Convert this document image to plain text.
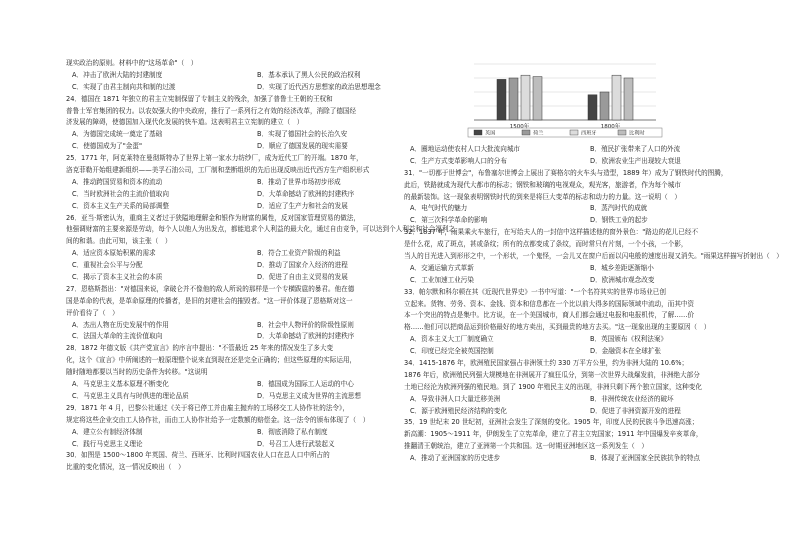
现实政治的原则。材料中的"这场革命"（　）
A．冲击了欧洲大陆的封建制度	B．基本承认了黑人公民的政治权利
C．实现了由君主制向共和制的过渡	D．实现了近代西方思想家的政治思想理念
24．德国在 1871 年独立的君主立宪制保留了专制主义的残余，加强了普鲁士王朝的王权和
普鲁士军官集团的权力。以农奴强大的中央政府，推行了一系列行之有效的经济改革，消除了德国经
济发展的障碍，使德国加入现代化发展的快车道。这表明君主立宪制的建立（　）
A．为德国完成统一奠定了基础	B．实现了德国社会的长治久安
C．使德国成为了"金蛋"	D．顺应了德国发展的现实需要
25．1771 年，阿克莱特在曼彻斯特办了世界上第一家水力纺纱厂，成为近代工厂的开端。1870 年，
洛克菲勒开始组建新组织——美孚石油公司，工厂制和垄断组织的先后出现反映出近代西方生产组织形式
A．推动跨国贸易和资本的流动	B．推动了世界市场初步形成
C．当时欧洲社会的主流价值取向	D．大革命撼动了欧洲的封建秩序
C．资本主义生产关系的局部调整	D．适应了生产力和社会的发展
26．亚当·斯密认为，重商主义者过于狭隘地理解金和银作为财富的属性，反对国家管理贸易的做法，
他强调财富的主要来源是劳动，每个人以他人为出发点，都能追求个人利益的最大化，通过自由竞争，可以达到个人利益和社会福利之
间的和谐。由此可知，该主张（　）
A．适应资本原始积累的需求	B．符合工业资产阶级的利益
C．重视社会公平与分配	D．推动了国家介入经济的进程
C．揭示了资本主义社会的本质	D．促进了自由主义贸易的发展
27．恩格斯指出："对德国来说，拿破仑并不像他的敌人所说的那样是一个专横跋扈的暴君。他在德
国是革命的代表，是革命原理的传播者，是旧的封建社会的摧毁者。"这一评价体现了恩格斯对这一
评价看待了（　）
A．杰出人物在历史发展中的作用	B．社会中人物评价的阶级性原则
C．法国大革命的主流价值取向	D．大革命撼动了欧洲的封建秩序
28．1872 年德文版《共产党宣言》的序言中提出："不管最近 25 年来的情况发生了多大变
化，这个《宣言》中所阐述的一般原理整个说来直到现在还是完全正确的；但这些原理的实际运用，
随时随地都要以当时的历史条件为转移。"这说明
A．马克思主义基本原理不断变化	B．德国成为国际工人运动的中心
C．马克思主义具有与时俱进的理论品质	D．马克思主义成为世界的主流思想
29．1871 年 4 月，巴黎公社通过《关于将已停工并由雇主抛弃的工场移交工人协作社的法令》，
规定将这些企业交由工人协作社，而由工人协作社给予一定数额的赔偿金。这一法令的颁布体现了（　）
A．建立公有制经济体制	B．彻底消除了私有制度
C．践行马克思主义理论	D．号召工人进行武装起义
30．如图是 1500～1800 年英国、荷兰、西班牙、比利时四国农业人口在总人口中所占的
比重的变化情况，这一情况反映出（　）
1500年	1800年
英国	荷兰	西班牙	比利时
A．圈地运动使农村人口大批流向城市	B．殖民扩张带来了人口的外流
C．生产方式变革影响人口的分布	D．欧洲农业生产出现较大衰退
31．"一切都于世博会"，布鲁塞尔世博会上展出了赛格尔的火车头与造型，1889 年）成为了钢铁时代的图腾，
此后，铁路就成为现代大都市的标志；钢铁和玻璃的电视观众，观光客，旅游者，作为每个城市
的最新装饰。这一现象表明钢铁时代的到来是将巨大变革的标志和动力的力量。这一说明（　）
A．电气时代的魅力	B．蒸汽时代的成就
C．第三次科学革命的影响	D．钢铁工业的起步
32．1837 年，雨果乘火车旅行，在写给夫人的一封信中这样描述他的窗外景色："路边的花儿已经不
是什么花，成了斑点，甚或条纹；所有的点都变成了条纹，而时常只有片刻，一个小孩，一个影，
当人的目光进入到形形之中，一个形状，一个鬼怪，一会儿又在窗户后面以闪电般的速度出现又消失。"雨果这样描写折射出（　）
A．交通运输方式革新	B．城乡差距逐渐缩小
C．工业加速工业污染	D．欧洲城市观念改变
33．帕尔默和科尔顿在其《近现代世界史》一书中写道："一个名符其实的世界市场业已创
立起来。货物、劳务、资本、金钱、资本和信息都在一个比以前大得多的国际领域中流动，而其中资
本一个突出的特点是集中。比方说，在一个美国城市，商人们都会通过电报和电报机传，了解……价
格……他们可以把商品运到价格最好的地方卖出，买到最贵的地方去买。"这一现象出现的主要原因（　）
A．资本主义大工厂制度确立	B．英国颁布《权利法案》
C．印度已经完全被英国控制	D．金融资本在全球扩张
34．1415-1876 年，欧洲殖民国家强占非洲领土约 330 万平方公里，约为非洲大陆的 10.6%；
1876 年后，欧洲殖民列强大规模地在非洲展开了疯狂瓜分，到第一次世界大战爆发前，非洲绝大部分
土地已经沦为欧洲列强的殖民地。到了 1900 年殖民主义的出现，非洲只剩下两个独立国家，这种变化
A．导致非洲人口大量迁移美洲	B．非洲传统农业经济的破坏
C．源于欧洲殖民经济结构的变化	D．促进了非洲资源开发的进程
35．19 世纪末 20 世纪初，亚洲社会发生了深刻的变化。1905 年，印度人民的民族斗争迅速高涨；
新高潮：1905～1911 年，伊朗发生了立宪革命，建立了君主立宪国家；1911 年中国爆发辛亥革命，
推翻清王朝统治，建立了亚洲第一个共和国。这一时期亚洲地区这一系列发生（　）
A．推动了亚洲国家的历史进步	B．体现了亚洲国家全民族抗争的特点
